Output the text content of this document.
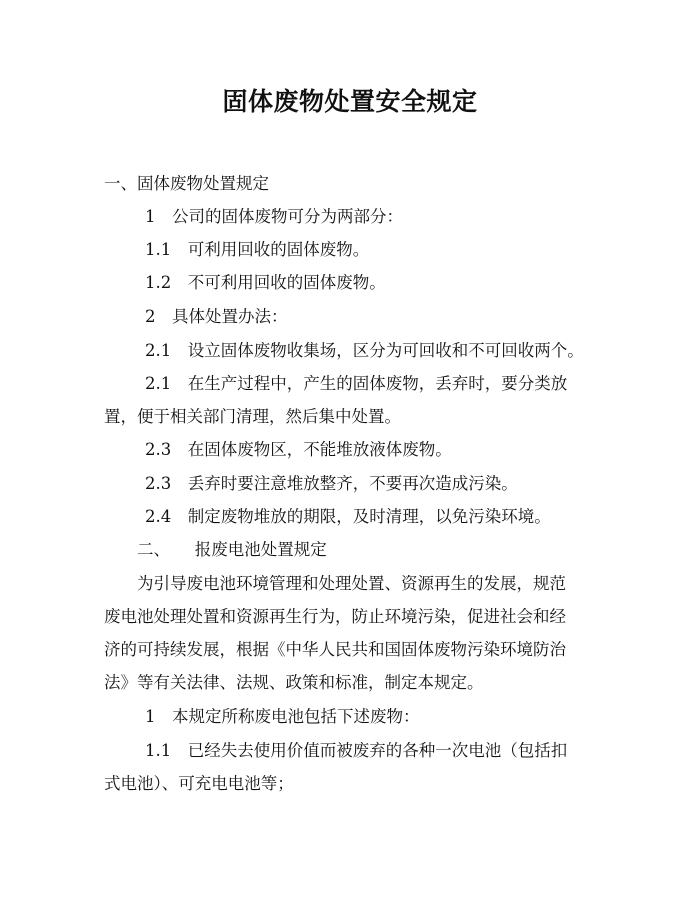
固体废物处置安全规定

一、固体废物处置规定

1　公司的固体废物可分为两部分：

1.1　可利用回收的固体废物。

1.2　不可利用回收的固体废物。

2　具体处置办法：

2.1　设立固体废物收集场，区分为可回收和不可回收两个。

2.1　在生产过程中，产生的固体废物，丢弃时，要分类放

置，便于相关部门清理，然后集中处置。

2.3　在固体废物区，不能堆放液体废物。

2.3　丢弃时要注意堆放整齐，不要再次造成污染。

2.4　制定废物堆放的期限，及时清理，以免污染环境。

二、　　报废电池处置规定

为引导废电池环境管理和处理处置、资源再生的发展，规范

废电池处理处置和资源再生行为，防止环境污染，促进社会和经

济的可持续发展，根据《中华人民共和国固体废物污染环境防治

法》等有关法律、法规、政策和标准，制定本规定。

1　本规定所称废电池包括下述废物：

1.1　已经失去使用价值而被废弃的各种一次电池（包括扣

式电池）、可充电电池等；
